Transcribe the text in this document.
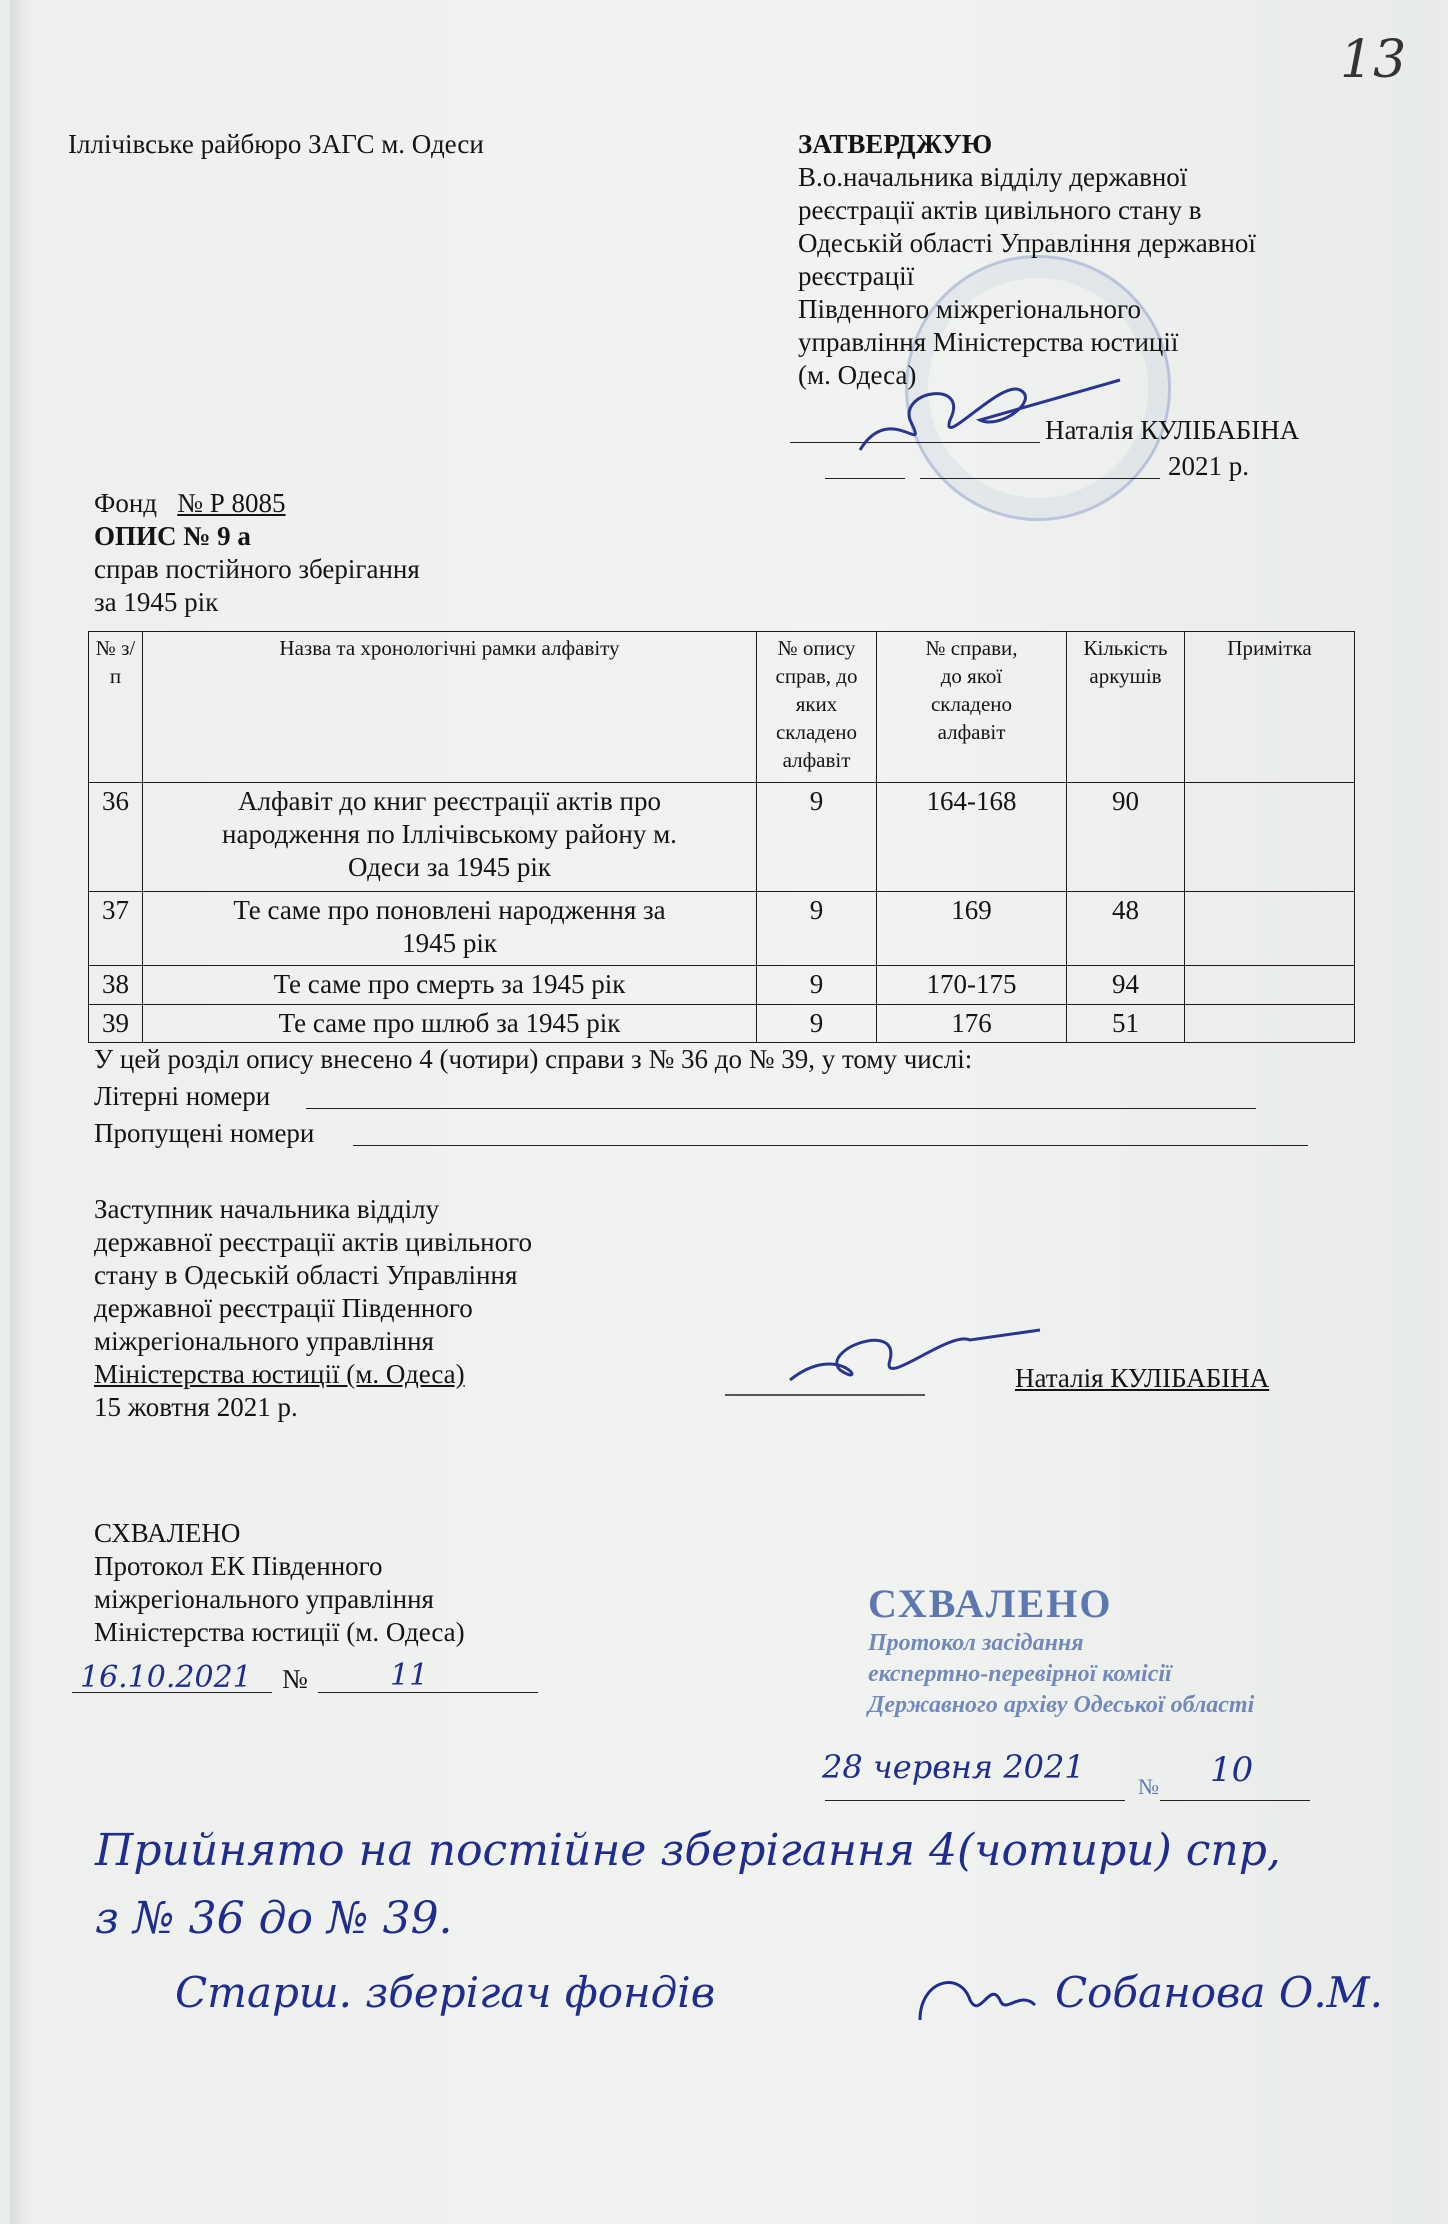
13
Іллічівське райбюро ЗАГС м. Одеси	ЗАТВЕРДЖУЮ
В.о.начальника відділу державної
реєстрації актів цивільного стану в
Одеській області Управління державної
реєстрації
Південного міжрегіонального
управління Міністерства юстиції
(м. Одеса)
Наталія КУЛІБАБІНА
2021 р.
Фонд № Р 8085
ОПИС № 9 а
справ постійного зберігання
за 1945 рік
№ з/п	Назва та хронологічні рамки алфавіту	№ опису справ, до яких складено алфавіт	№ справи, до якої складено алфавіт	Кількість аркушів	Примітка
36	Алфавіт до книг реєстрації актів про народження по Іллічівському району м. Одеси за 1945 рік	9	164-168	90	
37	Те саме про поновлені народження за 1945 рік	9	169	48	
38	Те саме про смерть за 1945 рік	9	170-175	94	
39	Те саме про шлюб за 1945 рік	9	176	51	
У цей розділ опису внесено 4 (чотири) справи з № 36 до № 39, у тому числі:
Літерні номери
Пропущені номери
Заступник начальника відділу
державної реєстрації актів цивільного
стану в Одеській області Управління
державної реєстрації Південного
міжрегіонального управління
Міністерства юстиції (м. Одеса)
15 жовтня 2021 р.
Наталія КУЛІБАБІНА
СХВАЛЕНО
Протокол ЕК Південного
міжрегіонального управління
Міністерства юстиції (м. Одеса)
16.10.2021 №	11
СХВАЛЕНО
Протокол засідання
експертно-перевірної комісії
Державного архіву Одеської області
28 червня 2021
№ 10
Прийнято на постійне зберігання 4(чотири) спр,
з № 36 до № 39.
Старш. зберігач фондів	Собанова О.М.
